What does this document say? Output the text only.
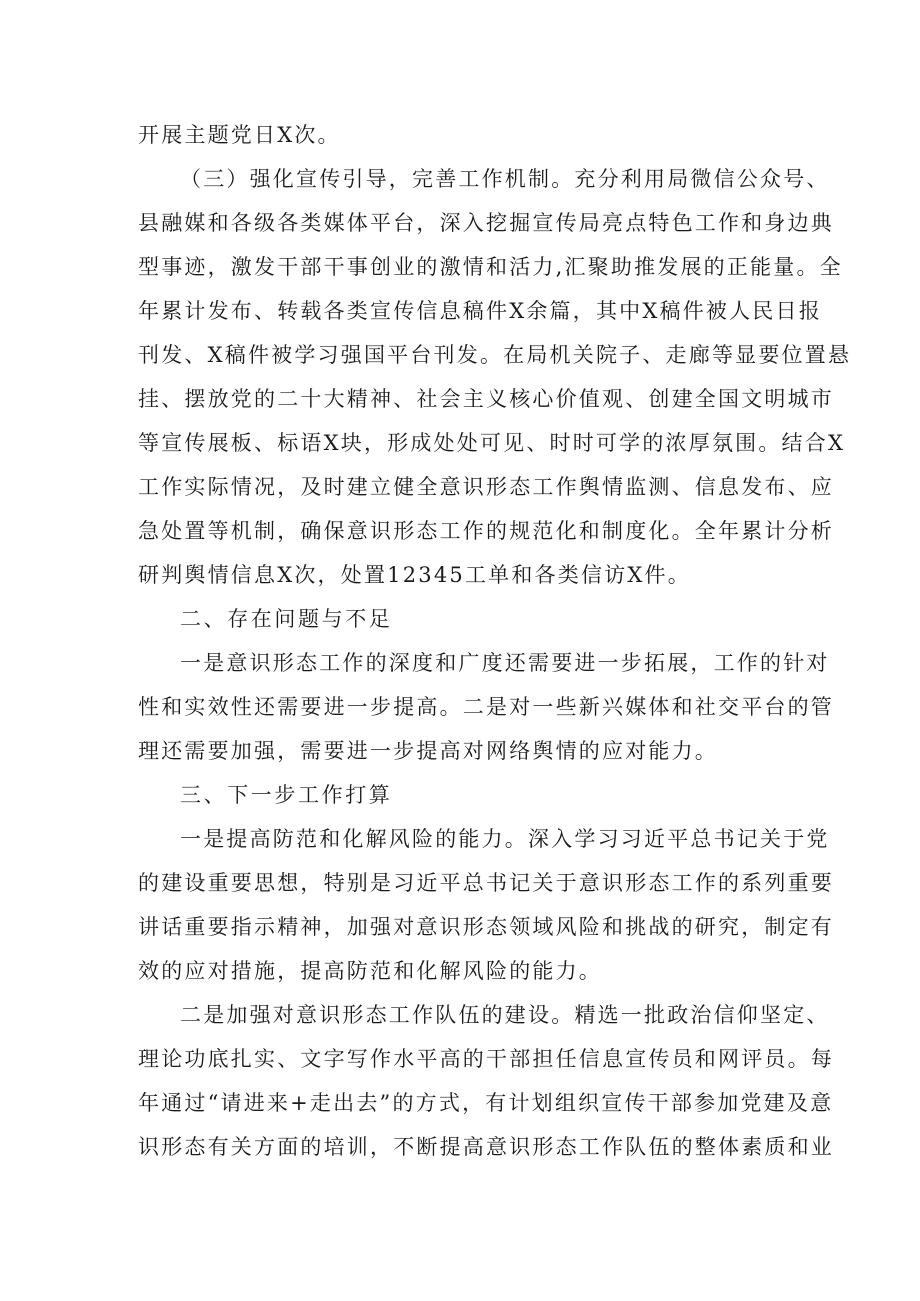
开展主题党日X次。

（三）强化宣传引导，完善工作机制。充分利用局微信公众号、

县融媒和各级各类媒体平台，深入挖掘宣传局亮点特色工作和身边典

型事迹，激发干部干事创业的激情和活力,汇聚助推发展的正能量。全

年累计发布、转载各类宣传信息稿件X余篇，其中X稿件被人民日报

刊发、X稿件被学习强国平台刊发。在局机关院子、走廊等显要位置悬

挂、摆放党的二十大精神、社会主义核心价值观、创建全国文明城市

等宣传展板、标语X块，形成处处可见、时时可学的浓厚氛围。结合X

工作实际情况，及时建立健全意识形态工作舆情监测、信息发布、应

急处置等机制，确保意识形态工作的规范化和制度化。全年累计分析

研判舆情信息X次，处置12345工单和各类信访X件。

二、存在问题与不足

一是意识形态工作的深度和广度还需要进一步拓展，工作的针对

性和实效性还需要进一步提高。二是对一些新兴媒体和社交平台的管

理还需要加强，需要进一步提高对网络舆情的应对能力。

三、下一步工作打算

一是提高防范和化解风险的能力。深入学习习近平总书记关于党

的建设重要思想，特别是习近平总书记关于意识形态工作的系列重要

讲话重要指示精神，加强对意识形态领域风险和挑战的研究，制定有

效的应对措施，提高防范和化解风险的能力。

二是加强对意识形态工作队伍的建设。精选一批政治信仰坚定、

理论功底扎实、文字写作水平高的干部担任信息宣传员和网评员。每

年通过“请进来+走出去”的方式，有计划组织宣传干部参加党建及意

识形态有关方面的培训，不断提高意识形态工作队伍的整体素质和业
